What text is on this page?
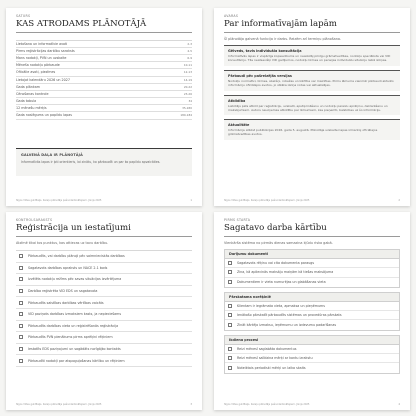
SATURS
KAS ATRODAMS PLĀNOTĀJĀ
Lietošana un informatīvie avoti	2-3
Pirms reģistrācijas darbību saraksts	4-5
Mans nodokļi, PVN un uzskaite	6-9
Mēneša nodokļu pārbaude	10-11
Ofiicālie avoti, piezīmes	12-13
Lietojot kalendāru 2026 un 2027	14-19
Gada plānkam	20-22
Cēnošanas kontrole	23-26
Gada tabula	34
12 mēnešu mērķis	35-180
Gada noslēgums un papildu lapas	180-184
GALVENĀ DAĻA IR PLĀNOTĀJĀ
Informatīvās lapas ir ļoti orientieris, lai zinātu, ko pārbaudīt un par ko papildu apvaicāties.
Sīgns Vīdes guldītaijs. Kareļu plānotājs pašnodarbinātajiem. Jūnijs 2025	1
AVARAS
Par informatīvajām lapām
Šī plānotāja galvenā funkcija ir darbs. Reizēm arī termiņu plānošana.
Gēlveds, tavis individuāla konsultācija
Informatīvās lapas ir vispārīgs kopsavilkums un neaizstāj pilnīgu grāmatvedības, nodokļu speciālista vai VID konsultāciju. Tās neatsevišķi VID gadījumos, nodokļu likmes un pensijas individuālu situāciju laikā izziņas.
Pārbaudi pēc pašreizējās versijas
Nodokļu normatīvi, likmes, sliekšņi, robežas un kārtība var mainīties. Pirms lēmuma vienmēr pārbaudi aktuālo informāciju oficiālajos avotos, jo sīkāka izziņa rodas vai aktualizējas.
Atbildība
Lietotājs pats atbild par reģistrāciju, uzskaiti, apstiprināšanu un nodokļu pareizu aprēķinu, deklarēšanu un maksājumiem. Autors neuzņemas atbildību par lēmumiem, kas pieņemti, balstoties uz šo informāciju.
Aktualitāte
Informācija atbilst publikācijas 2026. gada 5. augustā. Plānotāja uzskaitei lapas izmantoj oficiālajos grāmatvedības avotos.
Sīgns Vīdes guldītaijs. Kareļu plānotājs pašnodarbinātajiem. Jūnijs 2025	2
KONTROLSARAKSTS
Reģistrācija un iestatījumi
Atzīmē tikai tos punktus, kas attiecas uz tavu darbību.
Pārbaudīts, vai darbību plānoji pēc saimnieciskās darbības
Sagatavots darbības apraksts un NACE 2.1 kods
Izvēlēts nodokļu režīms pēc savas situācijas izvērtējuma
Darbība reģistrēta VID EDS un sagatavota
Pārbaudīts saistības darbības vērtības vaicāts
VID paziņots darbības izmaksiem kasts, ja nepieciešams
Pārbaudīts darbības vieta un reģistrēšanās reģistrācija
Pārbaudīts PVN pienākums pirms aprēķini rēķiniem
Iestatīts EDS paziņojumi un sagādāts norīgājko kontakts
Pārbaudīti nodokļi par atspoguļošanas kārtību un rēķiniem
Sīgns Vīdes guldītaijs. Kareļu plānotājs pašnodarbinātajiem. Jūnijs 2025	3
PIRMS STARTA
Sagatavo darba kārtību
Vienkārša sistēma no pirmās dienas samazina kļūdu riska gabā.
Darījumu dokumenti
Sagatavots rēķinu vai cita dokumenta paraugs
Zina, kā apliecinās maksāju maiņām kā tiešas maksājuma
Dokumentiem ir vieta numurējas un glabāšanas vieta
Pārskatama norēķiniē
Klientam ir iegrāmata vieta, apmaksa un pieņēmums
Ienākošo pārskatīt pārbaudīts sistēmas un procedūras pārskats
Zināt kārtējo izmaksu, ieņēmumu un izdevumu padarīšanas
Ikdiena procesi
Reizi mēnesī saglabāta dokumentus
Reizi mēnesī salīdzina mērķi ar kontu izrakstu
Noteiktais periodiski mērķi un laika skaits
Sīgns Vīdes guldītaijs. Kareļu plānotājs pašnodarbinātajiem. Jūnijs 2025	4
